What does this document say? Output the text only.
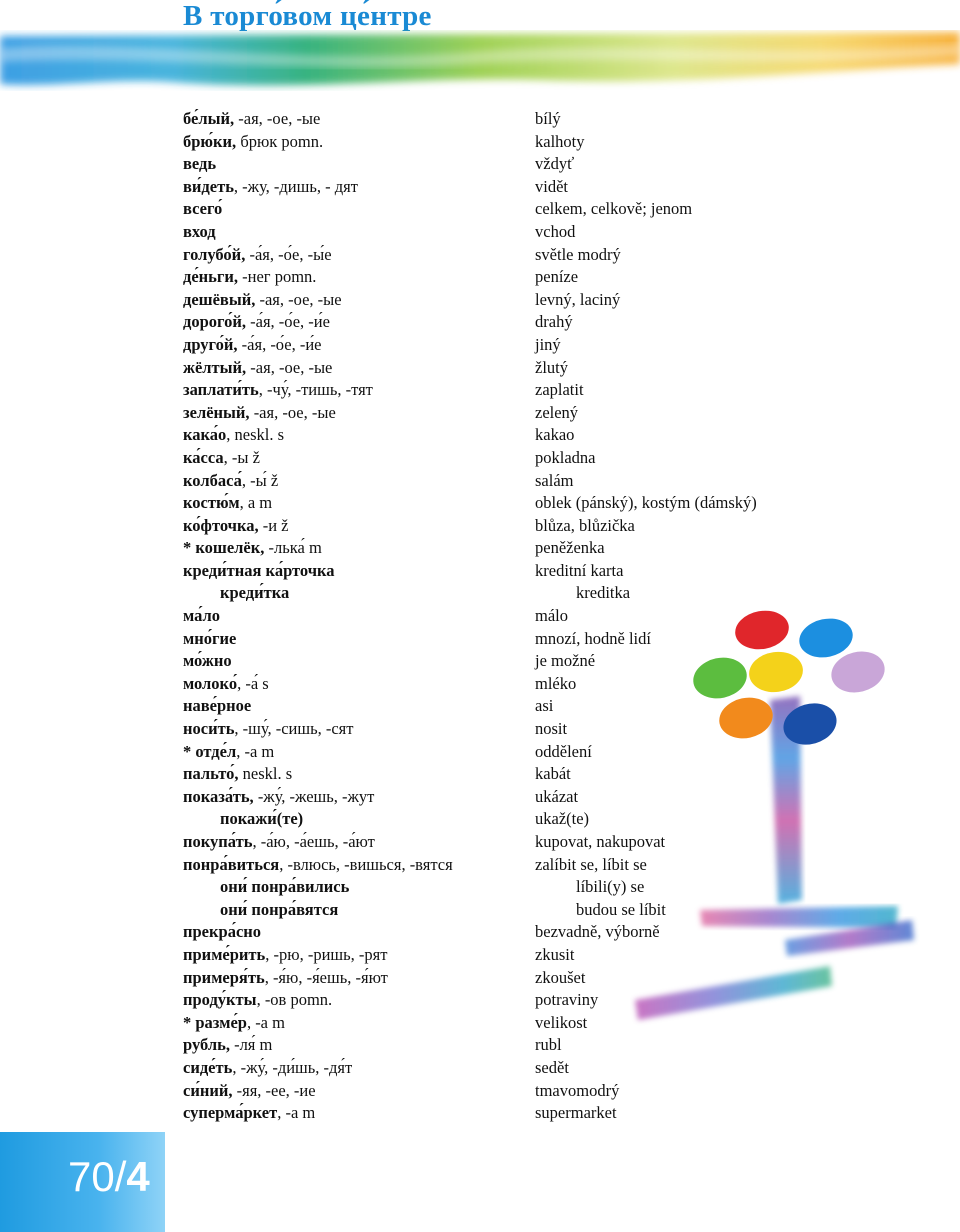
В торго́вом це́нтре
бе́лый, -ая, -ое, -ые	bílý
брю́ки, брюк pomn.	kalhoty
ведь	vždyť
ви́деть, -жу, -дишь, - дят	vidět
всего́	celkem, celkově; jenom
вход	vchod
голубо́й, -а́я, -о́е, -ы́е	světle modrý
де́ньги, -нег pomn.	peníze
дешёвый, -ая, -ое, -ые	levný, laciný
дорого́й, -а́я, -о́е, -и́е	drahý
друго́й, -а́я, -о́е, -и́е	jiný
жёлтый, -ая, -ое, -ые	žlutý
заплати́ть, -чу́, -тишь, -тят	zaplatit
зелёный, -ая, -ое, -ые	zelený
кака́о, neskl. s	kakao
ка́сса, -ы ž	pokladna
колбаса́, -ы́ ž	salám
костю́м, а m	oblek (pánský), kostým (dámský)
ко́фточка, -и ž	blůza, blůzička
* кошелёк, -лька́ m	peněženka
креди́тная ка́рточка	kreditní karta
креди́тка	kreditka
ма́ло	málo
мно́гие	mnozí, hodně lidí
мо́жно	je možné
молоко́, -а́ s	mléko
наве́рное	asi
носи́ть, -шу́, -сишь, -сят	nosit
* отде́л, -а m	oddělení
пальто́, neskl. s	kabát
показа́ть, -жу́, -жешь, -жут	ukázat
покажи́(те)	ukaž(te)
покупа́ть, -а́ю, -а́ешь, -а́ют	kupovat, nakupovat
понра́виться, -влюсь, -вишься, -вятся	zalíbit se, líbit se
они́ понра́вились	líbili(y) se
они́ понра́вятся	budou se líbit
прекра́сно	bezvadně, výborně
приме́рить, -рю, -ришь, -рят	zkusit
примеря́ть, -я́ю, -я́ешь, -я́ют	zkoušet
проду́кты, -ов pomn.	potraviny
* разме́р, -а m	velikost
рубль, -ля́ m	rubl
сиде́ть, -жу́, -ди́шь, -дя́т	sedět
си́ний, -яя, -ее, -ие	tmavomodrý
суперма́ркет, -а m	supermarket
70/4
